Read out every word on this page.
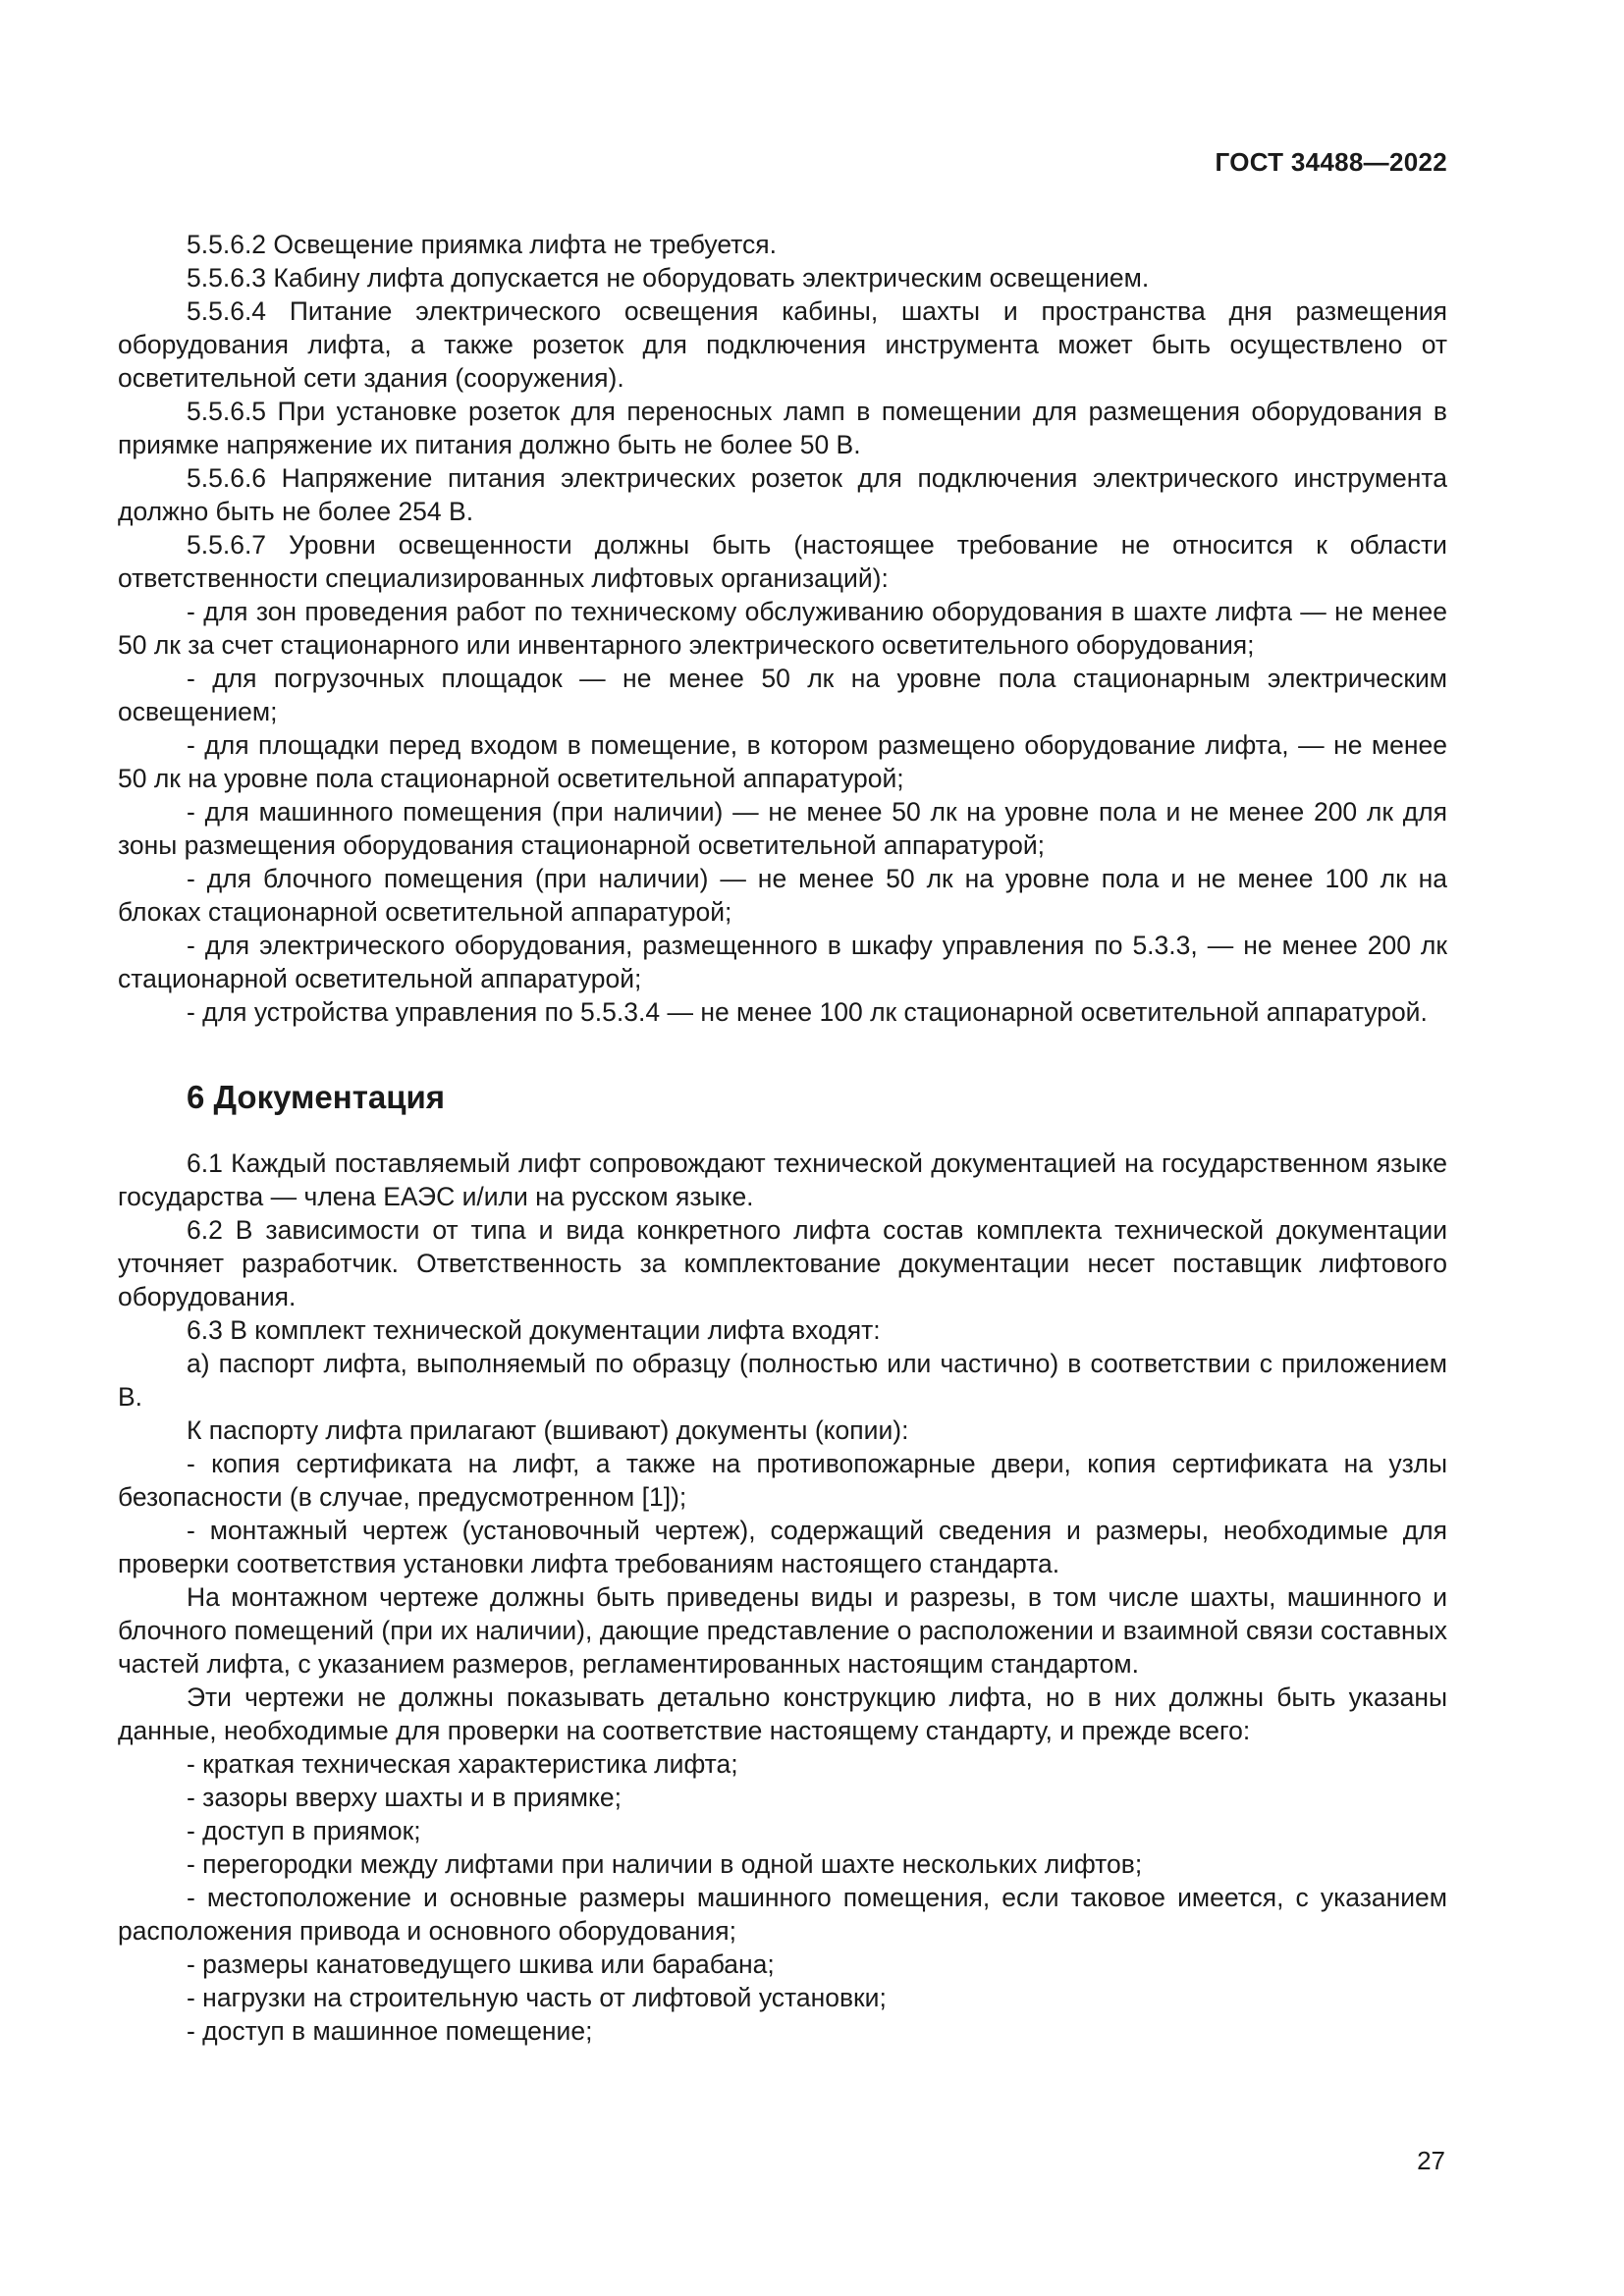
ГОСТ 34488—2022

5.5.6.2 Освещение приямка лифта не требуется.

5.5.6.3 Кабину лифта допускается не оборудовать электрическим освещением.

5.5.6.4 Питание электрического освещения кабины, шахты и пространства дня размещения оборудования лифта, а также розеток для подключения инструмента может быть осуществлено от осветительной сети здания (сооружения).

5.5.6.5 При установке розеток для переносных ламп в помещении для размещения оборудования в приямке напряжение их питания должно быть не более 50 В.

5.5.6.6 Напряжение питания электрических розеток для подключения электрического инструмента должно быть не более 254 В.

5.5.6.7 Уровни освещенности должны быть (настоящее требование не относится к области ответственности специализированных лифтовых организаций):

- для зон проведения работ по техническому обслуживанию оборудования в шахте лифта — не менее 50 лк за счет стационарного или инвентарного электрического осветительного оборудования;

- для погрузочных площадок — не менее 50 лк на уровне пола стационарным электрическим освещением;

- для площадки перед входом в помещение, в котором размещено оборудование лифта, — не менее 50 лк на уровне пола стационарной осветительной аппаратурой;

- для машинного помещения (при наличии) — не менее 50 лк на уровне пола и не менее 200 лк для зоны размещения оборудования стационарной осветительной аппаратурой;

- для блочного помещения (при наличии) — не менее 50 лк на уровне пола и не менее 100 лк на блоках стационарной осветительной аппаратурой;

- для электрического оборудования, размещенного в шкафу управления по 5.3.3, — не менее 200 лк стационарной осветительной аппаратурой;

- для устройства управления по 5.5.3.4 — не менее 100 лк стационарной осветительной аппаратурой.

6 Документация

6.1 Каждый поставляемый лифт сопровождают технической документацией на государственном языке государства — члена ЕАЭС и/или на русском языке.

6.2 В зависимости от типа и вида конкретного лифта состав комплекта технической документации уточняет разработчик. Ответственность за комплектование документации несет поставщик лифтового оборудования.

6.3 В комплект технической документации лифта входят:

а) паспорт лифта, выполняемый по образцу (полностью или частично) в соответствии с приложением В.

К паспорту лифта прилагают (вшивают) документы (копии):

- копия сертификата на лифт, а также на противопожарные двери, копия сертификата на узлы безопасности (в случае, предусмотренном [1]);

- монтажный чертеж (установочный чертеж), содержащий сведения и размеры, необходимые для проверки соответствия установки лифта требованиям настоящего стандарта.

На монтажном чертеже должны быть приведены виды и разрезы, в том числе шахты, машинного и блочного помещений (при их наличии), дающие представление о расположении и взаимной связи составных частей лифта, с указанием размеров, регламентированных настоящим стандартом.

Эти чертежи не должны показывать детально конструкцию лифта, но в них должны быть указаны данные, необходимые для проверки на соответствие настоящему стандарту, и прежде всего:

- краткая техническая характеристика лифта;

- зазоры вверху шахты и в приямке;

- доступ в приямок;

- перегородки между лифтами при наличии в одной шахте нескольких лифтов;

- местоположение и основные размеры машинного помещения, если таковое имеется, с указанием расположения привода и основного оборудования;

- размеры канатоведущего шкива или барабана;

- нагрузки на строительную часть от лифтовой установки;

- доступ в машинное помещение;

27
